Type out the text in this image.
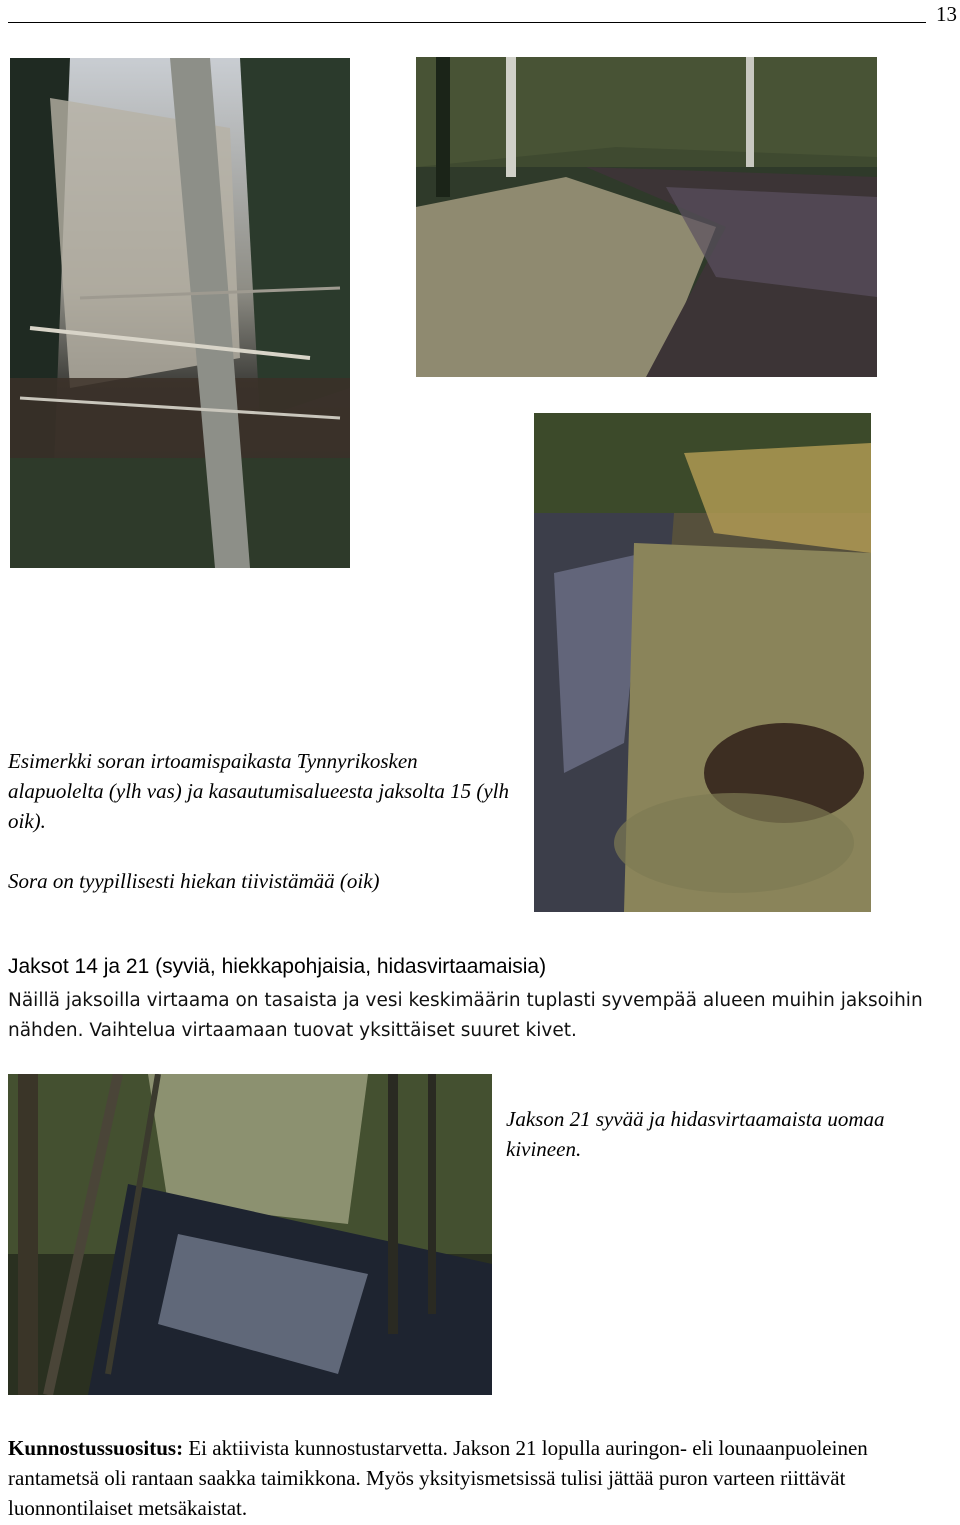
13
Esimerkki soran irtoamispaikasta Tynnyrikosken alapuolelta (ylh vas) ja kasautumisalueesta jaksolta 15 (ylh oik).
Sora on tyypillisesti hiekan tiivistämää (oik)
Jaksot 14 ja 21 (syviä, hiekkapohjaisia, hidasvirtaamaisia)
Näillä jaksoilla virtaama on tasaista ja vesi keskimäärin tuplasti syvempää alueen muihin jaksoihin nähden. Vaihtelua virtaamaan tuovat yksittäiset suuret kivet.
Jakson 21 syvää ja hidasvirtaamaista uomaa kivineen.
Kunnostussuositus: Ei aktiivista kunnostustarvetta. Jakson 21 lopulla auringon- eli lounaanpuoleinen rantametsä oli rantaan saakka taimikkona. Myös yksityismetsissä tulisi jättää puron varteen riittävät luonnontilaiset metsäkaistat.
